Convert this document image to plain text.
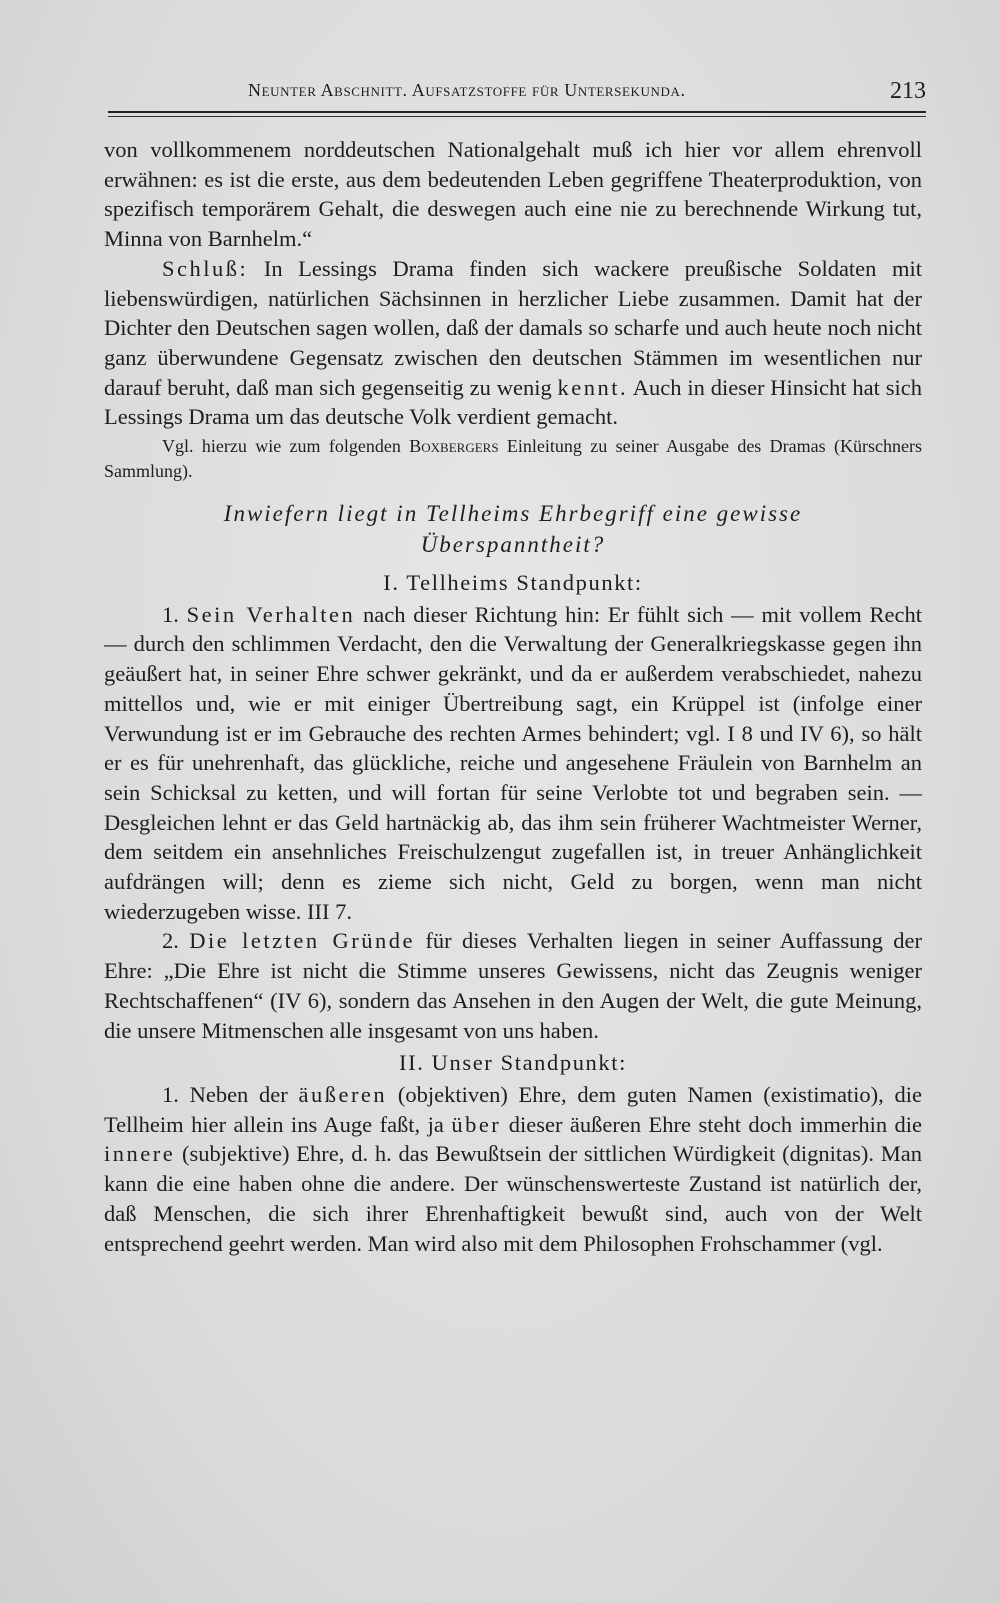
Neunter Abschnitt. Aufsatzstoffe für Untersekunda.	213

von vollkommenem norddeutschen Nationalgehalt muß ich hier vor allem ehrenvoll erwähnen: es ist die erste, aus dem bedeutenden Leben gegriffene Theaterproduktion, von spezifisch temporärem Gehalt, die deswegen auch eine nie zu berechnende Wirkung tut, Minna von Barnhelm.“

Schluß: In Lessings Drama finden sich wackere preußische Soldaten mit liebenswürdigen, natürlichen Sächsinnen in herzlicher Liebe zusammen. Damit hat der Dichter den Deutschen sagen wollen, daß der damals so scharfe und auch heute noch nicht ganz überwundene Gegensatz zwischen den deutschen Stämmen im wesentlichen nur darauf beruht, daß man sich gegenseitig zu wenig kennt. Auch in dieser Hinsicht hat sich Lessings Drama um das deutsche Volk verdient gemacht.

Vgl. hierzu wie zum folgenden Boxbergers Einleitung zu seiner Ausgabe des Dramas (Kürschners Sammlung).

Inwiefern liegt in Tellheims Ehrbegriff eine gewisse Überspanntheit?

I. Tellheims Standpunkt:

1. Sein Verhalten nach dieser Richtung hin: Er fühlt sich — mit vollem Recht — durch den schlimmen Verdacht, den die Verwaltung der Generalkriegskasse gegen ihn geäußert hat, in seiner Ehre schwer gekränkt, und da er außerdem verabschiedet, nahezu mittellos und, wie er mit einiger Übertreibung sagt, ein Krüppel ist (infolge einer Verwundung ist er im Gebrauche des rechten Armes behindert; vgl. I 8 und IV 6), so hält er es für unehrenhaft, das glückliche, reiche und angesehene Fräulein von Barnhelm an sein Schicksal zu ketten, und will fortan für seine Verlobte tot und begraben sein. — Desgleichen lehnt er das Geld hartnäckig ab, das ihm sein früherer Wachtmeister Werner, dem seitdem ein ansehnliches Freischulzengut zugefallen ist, in treuer Anhänglichkeit aufdrängen will; denn es zieme sich nicht, Geld zu borgen, wenn man nicht wiederzugeben wisse. III 7.

2. Die letzten Gründe für dieses Verhalten liegen in seiner Auffassung der Ehre: „Die Ehre ist nicht die Stimme unseres Gewissens, nicht das Zeugnis weniger Rechtschaffenen“ (IV 6), sondern das Ansehen in den Augen der Welt, die gute Meinung, die unsere Mitmenschen alle insgesamt von uns haben.

II. Unser Standpunkt:

1. Neben der äußeren (objektiven) Ehre, dem guten Namen (existimatio), die Tellheim hier allein ins Auge faßt, ja über dieser äußeren Ehre steht doch immerhin die innere (subjektive) Ehre, d. h. das Bewußtsein der sittlichen Würdigkeit (dignitas). Man kann die eine haben ohne die andere. Der wünschenswerteste Zustand ist natürlich der, daß Menschen, die sich ihrer Ehrenhaftigkeit bewußt sind, auch von der Welt entsprechend geehrt werden. Man wird also mit dem Philosophen Frohschammer (vgl.
